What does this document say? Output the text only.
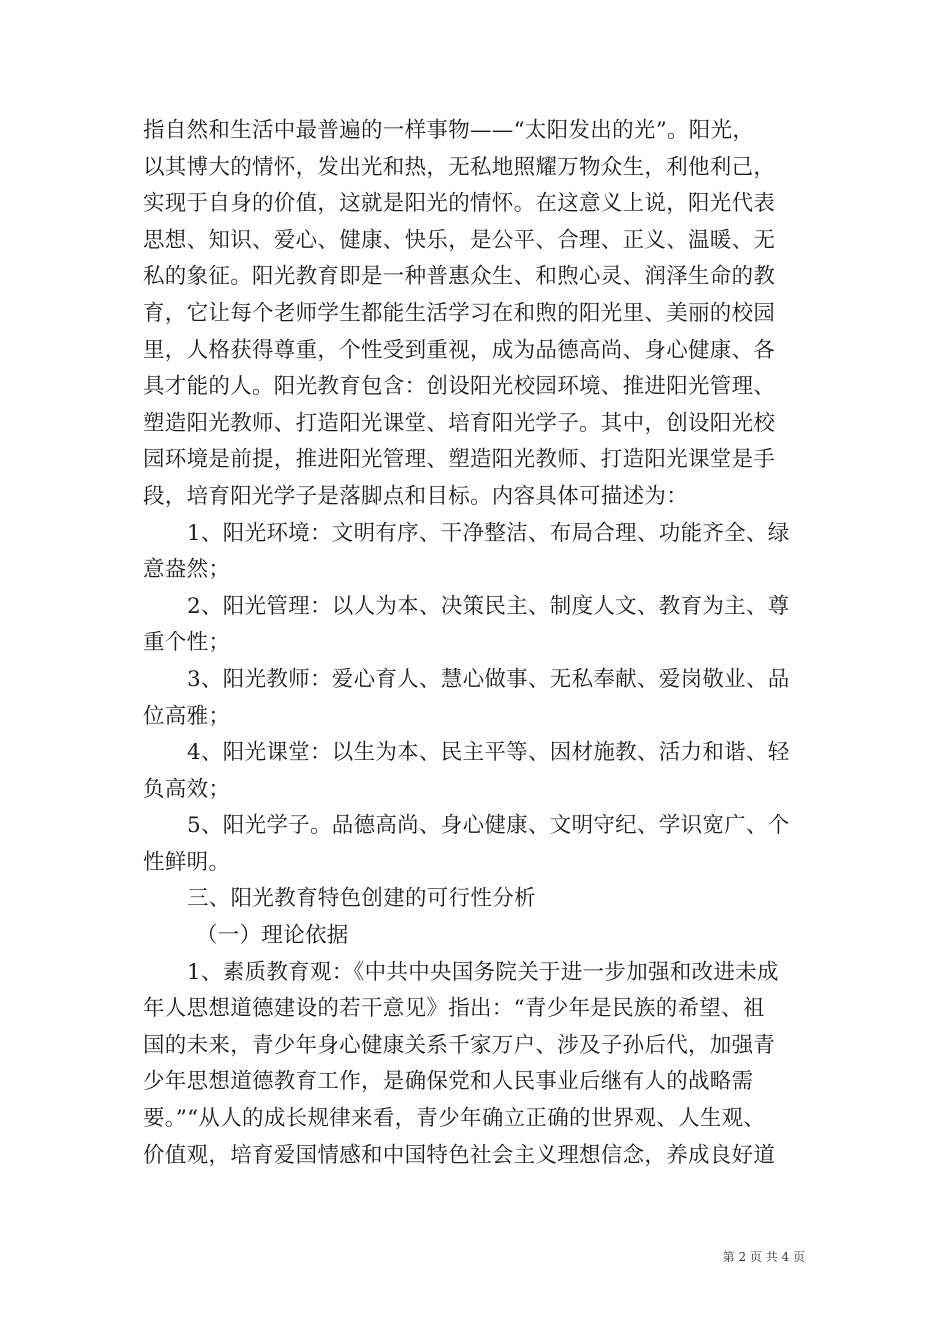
指自然和生活中最普遍的一样事物——“太阳发出的光”。阳光，
以其博大的情怀，发出光和热，无私地照耀万物众生，利他利己，
实现于自身的价值，这就是阳光的情怀。在这意义上说，阳光代表
思想、知识、爱心、健康、快乐，是公平、合理、正义、温暖、无
私的象征。阳光教育即是一种普惠众生、和煦心灵、润泽生命的教
育，它让每个老师学生都能生活学习在和煦的阳光里、美丽的校园
里，人格获得尊重，个性受到重视，成为品德高尚、身心健康、各
具才能的人。阳光教育包含：创设阳光校园环境、推进阳光管理、
塑造阳光教师、打造阳光课堂、培育阳光学子。其中，创设阳光校
园环境是前提，推进阳光管理、塑造阳光教师、打造阳光课堂是手
段，培育阳光学子是落脚点和目标。内容具体可描述为：
1、阳光环境：文明有序、干净整洁、布局合理、功能齐全、绿
意盎然；
2、阳光管理：以人为本、决策民主、制度人文、教育为主、尊
重个性；
3、阳光教师：爱心育人、慧心做事、无私奉献、爱岗敬业、品
位高雅；
4、阳光课堂：以生为本、民主平等、因材施教、活力和谐、轻
负高效；
5、阳光学子。品德高尚、身心健康、文明守纪、学识宽广、个
性鲜明。
三、阳光教育特色创建的可行性分析
（一）理论依据
1、素质教育观：《中共中央国务院关于进一步加强和改进未成
年人思想道德建设的若干意见》指出：“青少年是民族的希望、祖
国的未来，青少年身心健康关系千家万户、涉及子孙后代，加强青
少年思想道德教育工作，是确保党和人民事业后继有人的战略需
要。”“从人的成长规律来看，青少年确立正确的世界观、人生观、
价值观，培育爱国情感和中国特色社会主义理想信念，养成良好道
第 2 页 共 4 页
